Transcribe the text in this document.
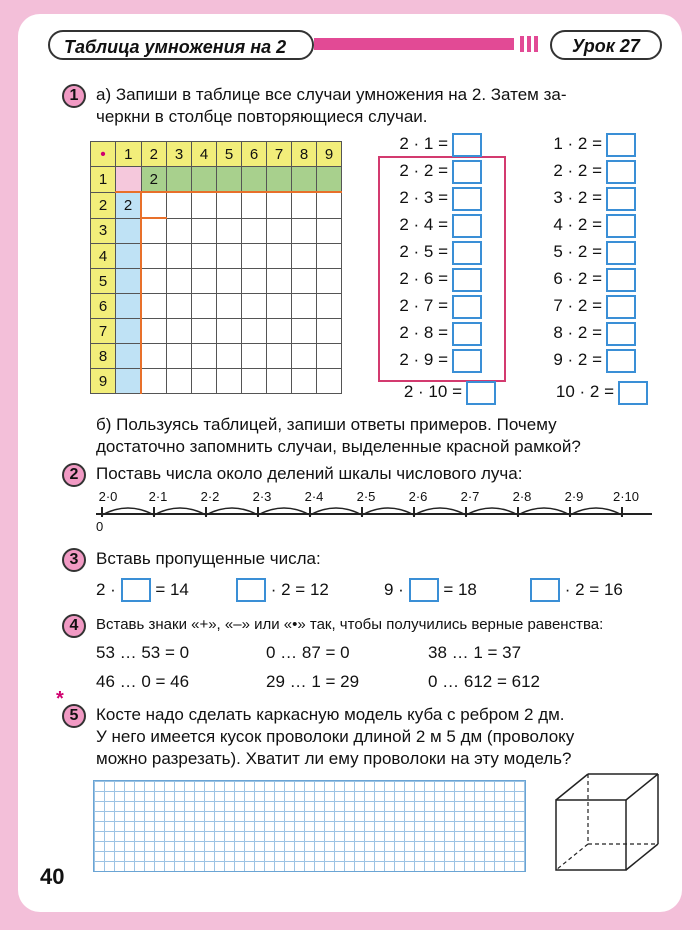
Таблица умножения на 2	Урок 27
1	а) Запиши в таблице все случаи умножения на 2. Затем за-
черкни в столбце повторяющиеся случаи.
•	1	2	3	4	5	6	7	8	9
1		2							
2	2								
3									
4									
5									
6									
7									
8									
9									
2 · 1 =
2 · 2 =
2 · 3 =
2 · 4 =
2 · 5 =
2 · 6 =
2 · 7 =
2 · 8 =
2 · 9 =
2 · 10 =
1 · 2 =
2 · 2 =
3 · 2 =
4 · 2 =
5 · 2 =
6 · 2 =
7 · 2 =
8 · 2 =
9 · 2 =
10 · 2 =
б) Пользуясь таблицей, запиши ответы примеров. Почему
достаточно запомнить случаи, выделенные красной рамкой?
2	Поставь числа около делений шкалы числового луча:
2·0	2·1	2·2	2·3	2·4	2·5	2·6	2·7	2·8	2·9	2·10
0
3	Вставь пропущенные числа:
2 · = 14	· 2 = 12	9 · = 18	· 2 = 16
4	Вставь знаки «+», «–» или «•» так, чтобы получились верные равенства:
53 … 53 = 0	0 … 87 = 0	38 … 1 = 37
46 … 0 = 46	29 … 1 = 29	0 … 612 = 612
*
5	Косте надо сделать каркасную модель куба с ребром 2 дм.
У него имеется кусок проволоки длиной 2 м 5 дм (проволоку
можно разрезать). Хватит ли ему проволоки на эту модель?
40
